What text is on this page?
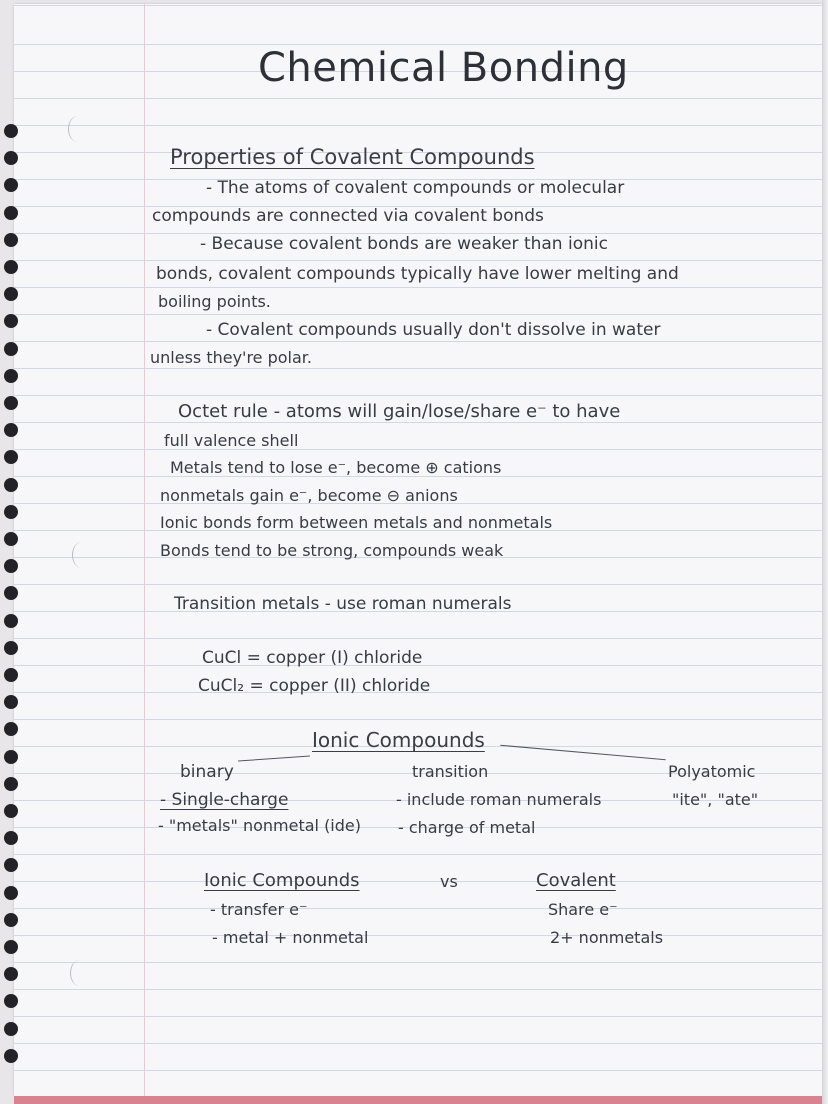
Chemical Bonding
Properties of Covalent Compounds
- The atoms of covalent compounds or molecular
compounds are connected via covalent bonds
- Because covalent bonds are weaker than ionic
bonds, covalent compounds typically have lower melting and
boiling points.
- Covalent compounds usually don't dissolve in water
unless they're polar.
Octet rule - atoms will gain/lose/share e⁻ to have
full valence shell
Metals tend to lose e⁻, become ⊕ cations
nonmetals gain e⁻, become ⊖ anions
Ionic bonds form between metals and nonmetals
Bonds tend to be strong, compounds weak
Transition metals - use roman numerals
CuCl = copper (I) chloride
CuCl₂ = copper (II) chloride
Ionic Compounds
binary
- Single-charge
- "metals" nonmetal (ide)
transition
- include roman numerals
- charge of metal
Polyatomic
"ite", "ate"
Ionic Compounds	vs	Covalent
- transfer e⁻
- metal + nonmetal
Share e⁻
2+ nonmetals
